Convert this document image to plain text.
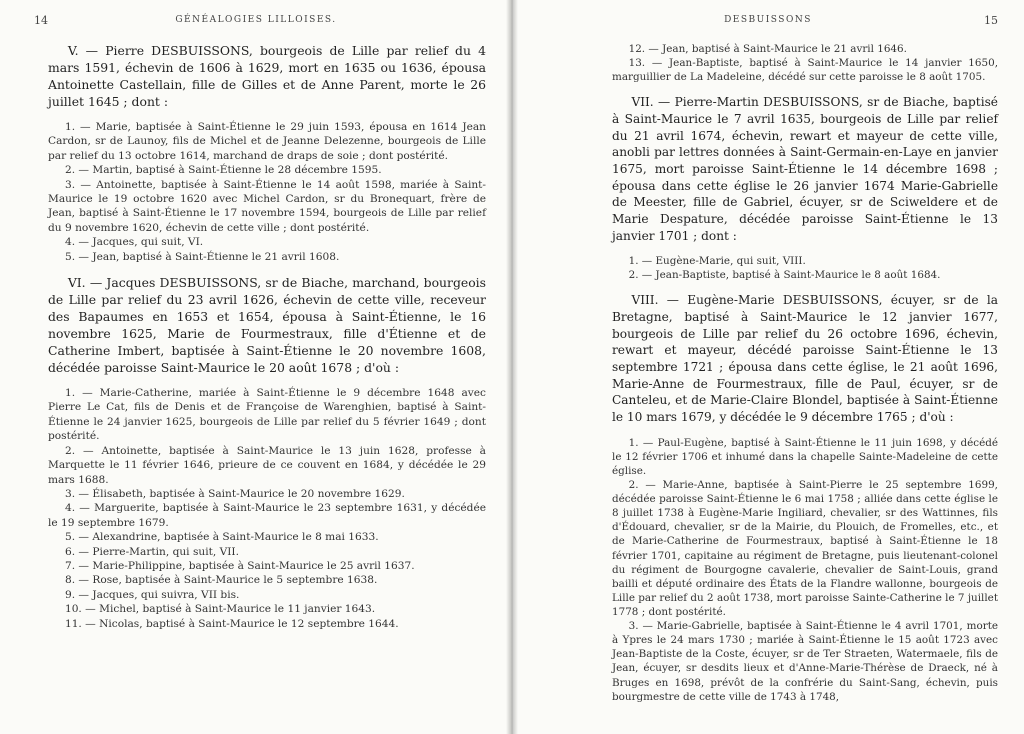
14	GÉNÉALOGIES LILLOISES.

V. — Pierre DESBUISSONS, bourgeois de Lille par relief du 4 mars 1591, échevin de 1606 à 1629, mort en 1635 ou 1636, épousa Antoinette Castellain, fille de Gilles et de Anne Parent, morte le 26 juillet 1645 ; dont :

1. — Marie, baptisée à Saint-Étienne le 29 juin 1593, épousa en 1614 Jean Cardon, sr de Launoy, fils de Michel et de Jeanne Delezenne, bourgeois de Lille par relief du 13 octobre 1614, marchand de draps de soie ; dont postérité.

2. — Martin, baptisé à Saint-Étienne le 28 décembre 1595.

3. — Antoinette, baptisée à Saint-Étienne le 14 août 1598, mariée à Saint-Maurice le 19 octobre 1620 avec Michel Cardon, sr du Bronequart, frère de Jean, baptisé à Saint-Étienne le 17 novembre 1594, bourgeois de Lille par relief du 9 novembre 1620, échevin de cette ville ; dont postérité.

4. — Jacques, qui suit, VI.

5. — Jean, baptisé à Saint-Étienne le 21 avril 1608.

VI. — Jacques DESBUISSONS, sr de Biache, marchand, bourgeois de Lille par relief du 23 avril 1626, échevin de cette ville, receveur des Bapaumes en 1653 et 1654, épousa à Saint-Étienne, le 16 novembre 1625, Marie de Fourmestraux, fille d'Étienne et de Catherine Imbert, baptisée à Saint-Étienne le 20 novembre 1608, décédée paroisse Saint-Maurice le 20 août 1678 ; d'où :

1. — Marie-Catherine, mariée à Saint-Étienne le 9 décembre 1648 avec Pierre Le Cat, fils de Denis et de Françoise de Warenghien, baptisé à Saint-Étienne le 24 janvier 1625, bourgeois de Lille par relief du 5 février 1649 ; dont postérité.

2. — Antoinette, baptisée à Saint-Maurice le 13 juin 1628, professe à Marquette le 11 février 1646, prieure de ce couvent en 1684, y décédée le 29 mars 1688.

3. — Élisabeth, baptisée à Saint-Maurice le 20 novembre 1629.

4. — Marguerite, baptisée à Saint-Maurice le 23 septembre 1631, y décédée le 19 septembre 1679.

5. — Alexandrine, baptisée à Saint-Maurice le 8 mai 1633.

6. — Pierre-Martin, qui suit, VII.

7. — Marie-Philippine, baptisée à Saint-Maurice le 25 avril 1637.

8. — Rose, baptisée à Saint-Maurice le 5 septembre 1638.

9. — Jacques, qui suivra, VII bis.

10. — Michel, baptisé à Saint-Maurice le 11 janvier 1643.

11. — Nicolas, baptisé à Saint-Maurice le 12 septembre 1644.

DESBUISSONS	15

12. — Jean, baptisé à Saint-Maurice le 21 avril 1646.

13. — Jean-Baptiste, baptisé à Saint-Maurice le 14 janvier 1650, marguillier de La Madeleine, décédé sur cette paroisse le 8 août 1705.

VII. — Pierre-Martin DESBUISSONS, sr de Biache, baptisé à Saint-Maurice le 7 avril 1635, bourgeois de Lille par relief du 21 avril 1674, échevin, rewart et mayeur de cette ville, anobli par lettres données à Saint-Germain-en-Laye en janvier 1675, mort paroisse Saint-Étienne le 14 décembre 1698 ; épousa dans cette église le 26 janvier 1674 Marie-Gabrielle de Meester, fille de Gabriel, écuyer, sr de Sciweldere et de Marie Despature, décédée paroisse Saint-Étienne le 13 janvier 1701 ; dont :

1. — Eugène-Marie, qui suit, VIII.

2. — Jean-Baptiste, baptisé à Saint-Maurice le 8 août 1684.

VIII. — Eugène-Marie DESBUISSONS, écuyer, sr de la Bretagne, baptisé à Saint-Maurice le 12 janvier 1677, bourgeois de Lille par relief du 26 octobre 1696, échevin, rewart et mayeur, décédé paroisse Saint-Étienne le 13 septembre 1721 ; épousa dans cette église, le 21 août 1696, Marie-Anne de Fourmestraux, fille de Paul, écuyer, sr de Canteleu, et de Marie-Claire Blondel, baptisée à Saint-Étienne le 10 mars 1679, y décédée le 9 décembre 1765 ; d'où :

1. — Paul-Eugène, baptisé à Saint-Étienne le 11 juin 1698, y décédé le 12 février 1706 et inhumé dans la chapelle Sainte-Madeleine de cette église.

2. — Marie-Anne, baptisée à Saint-Pierre le 25 septembre 1699, décédée paroisse Saint-Étienne le 6 mai 1758 ; alliée dans cette église le 8 juillet 1738 à Eugène-Marie Ingiliard, chevalier, sr des Wattinnes, fils d'Édouard, chevalier, sr de la Mairie, du Plouich, de Fromelles, etc., et de Marie-Catherine de Fourmestraux, baptisé à Saint-Étienne le 18 février 1701, capitaine au régiment de Bretagne, puis lieutenant-colonel du régiment de Bourgogne cavalerie, chevalier de Saint-Louis, grand bailli et député ordinaire des États de la Flandre wallonne, bourgeois de Lille par relief du 2 août 1738, mort paroisse Sainte-Catherine le 7 juillet 1778 ; dont postérité.

3. — Marie-Gabrielle, baptisée à Saint-Étienne le 4 avril 1701, morte à Ypres le 24 mars 1730 ; mariée à Saint-Étienne le 15 août 1723 avec Jean-Baptiste de la Coste, écuyer, sr de Ter Straeten, Watermaele, fils de Jean, écuyer, sr desdits lieux et d'Anne-Marie-Thérèse de Draeck, né à Bruges en 1698, prévôt de la confrérie du Saint-Sang, échevin, puis bourgmestre de cette ville de 1743 à 1748,
